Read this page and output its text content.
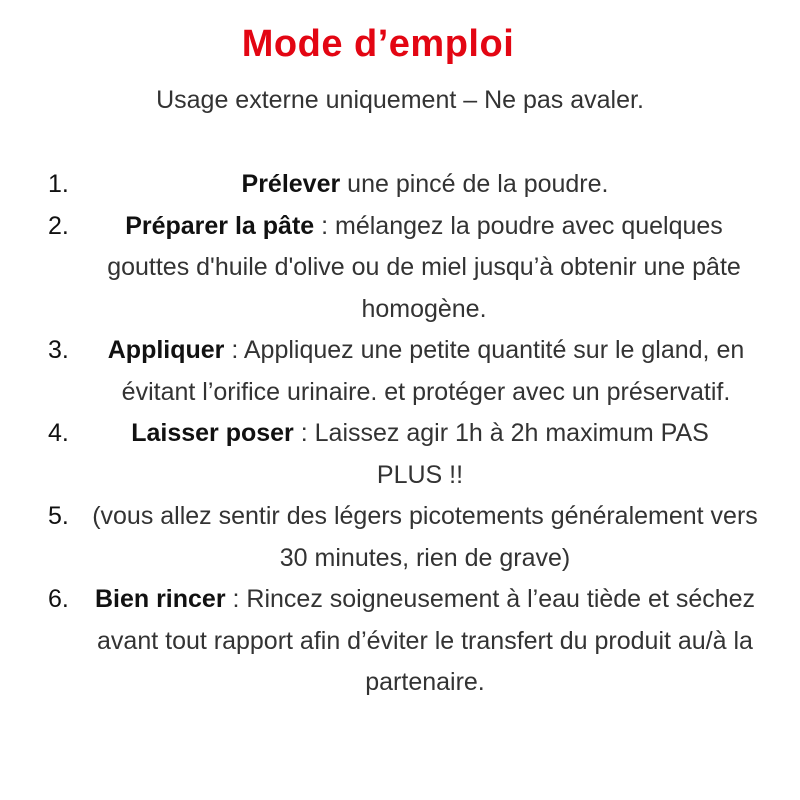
Mode d’emploi
Usage externe uniquement – Ne pas avaler.
1.	Prélever une pincé de la poudre.
2.	Préparer la pâte : mélangez la poudre avec quelques gouttes d'huile d'olive ou de miel jusqu’à obtenir une pâte homogène.
3.	Appliquer : Appliquez une petite quantité sur le gland, en évitant l’orifice urinaire. et protéger avec un préservatif.
4.	Laisser poser : Laissez agir 1h à 2h maximum PAS PLUS !!
5. (vous allez sentir des légers picotements généralement vers 30 minutes, rien de grave)
6.	Bien rincer : Rincez soigneusement à l’eau tiède et séchez avant tout rapport afin d’éviter le transfert du produit au/à la partenaire.
